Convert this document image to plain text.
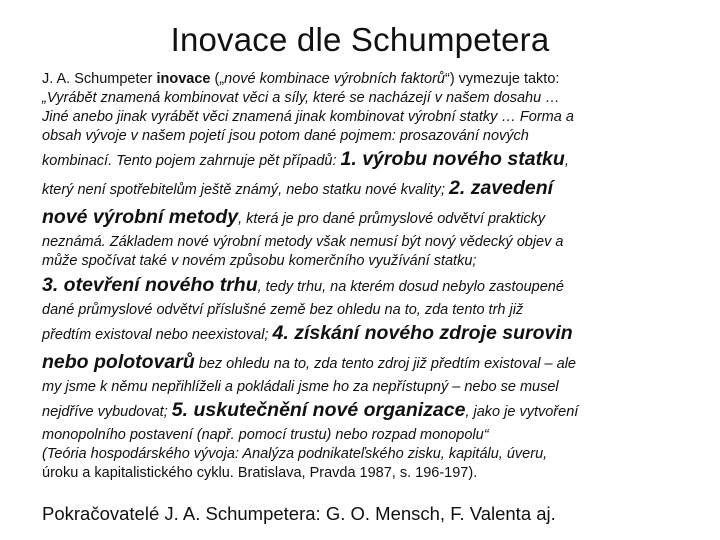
Inovace dle Schumpetera
J. A. Schumpeter inovace („nové kombinace výrobních faktorů“) vymezuje takto:
„Vyrábět znamená kombinovat věci a síly, které se nacházejí v našem dosahu …
Jiné anebo jinak vyrábět věci znamená jinak kombinovat výrobní statky … Forma a
obsah vývoje v našem pojetí jsou potom dané pojmem: prosazování nových
kombinací. Tento pojem zahrnuje pět případů: 1. výrobu nového statku,
který není spotřebitelům ještě známý, nebo statku nové kvality; 2. zavedení
nové výrobní metody, která je pro dané průmyslové odvětví prakticky
neznámá. Základem nové výrobní metody však nemusí být nový vědecký objev a
může spočívat také v novém způsobu komerčního využívání statku;
3. otevření nového trhu, tedy trhu, na kterém dosud nebylo zastoupené
dané průmyslové odvětví příslušné země bez ohledu na to, zda tento trh již
předtím existoval nebo neexistoval; 4. získání nového zdroje surovin
nebo polotovarů bez ohledu na to, zda tento zdroj již předtím existoval – ale
my jsme k němu nepřihlíželi a pokládali jsme ho za nepřístupný – nebo se musel
nejdříve vybudovat; 5. uskutečnění nové organizace, jako je vytvoření
monopolního postavení (např. pomocí trustu) nebo rozpad monopolu“
(Teória hospodárského vývoja: Analýza podnikateľského zisku, kapitálu, úveru,
úroku a kapitalistického cyklu. Bratislava, Pravda 1987, s. 196-197).
Pokračovatelé J. A. Schumpetera: G. O. Mensch, F. Valenta aj.
